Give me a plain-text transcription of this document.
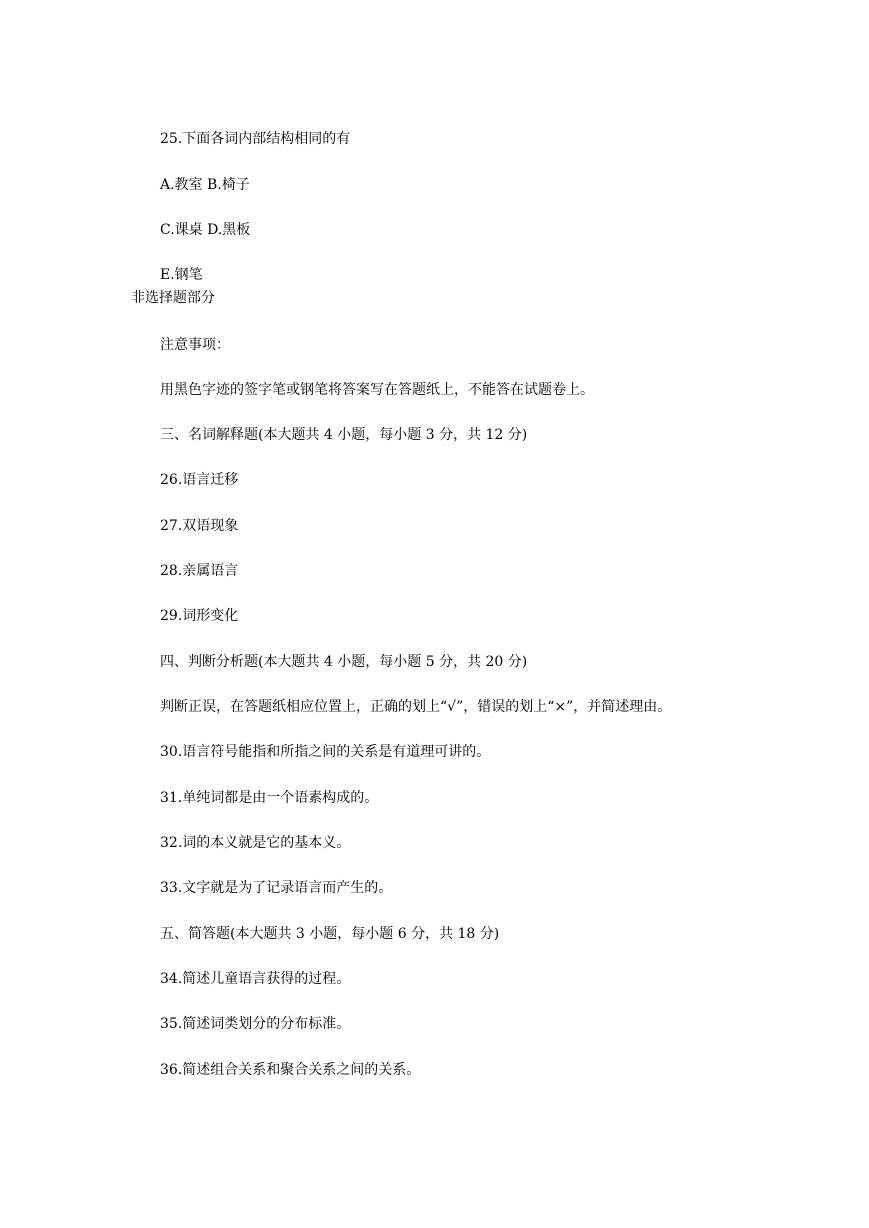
25.下面各词内部结构相同的有

A.教室 B.椅子

C.课桌 D.黑板

E.钢笔

非选择题部分

注意事项：

用黑色字迹的签字笔或钢笔将答案写在答题纸上，不能答在试题卷上。

三、名词解释题(本大题共 4 小题，每小题 3 分，共 12 分)

26.语言迁移

27.双语现象

28.亲属语言

29.词形变化

四、判断分析题(本大题共 4 小题，每小题 5 分，共 20 分)

判断正误，在答题纸相应位置上，正确的划上“√”，错误的划上“×”，并简述理由。

30.语言符号能指和所指之间的关系是有道理可讲的。

31.单纯词都是由一个语素构成的。

32.词的本义就是它的基本义。

33.文字就是为了记录语言而产生的。

五、简答题(本大题共 3 小题，每小题 6 分，共 18 分)

34.简述儿童语言获得的过程。

35.简述词类划分的分布标准。

36.简述组合关系和聚合关系之间的关系。
